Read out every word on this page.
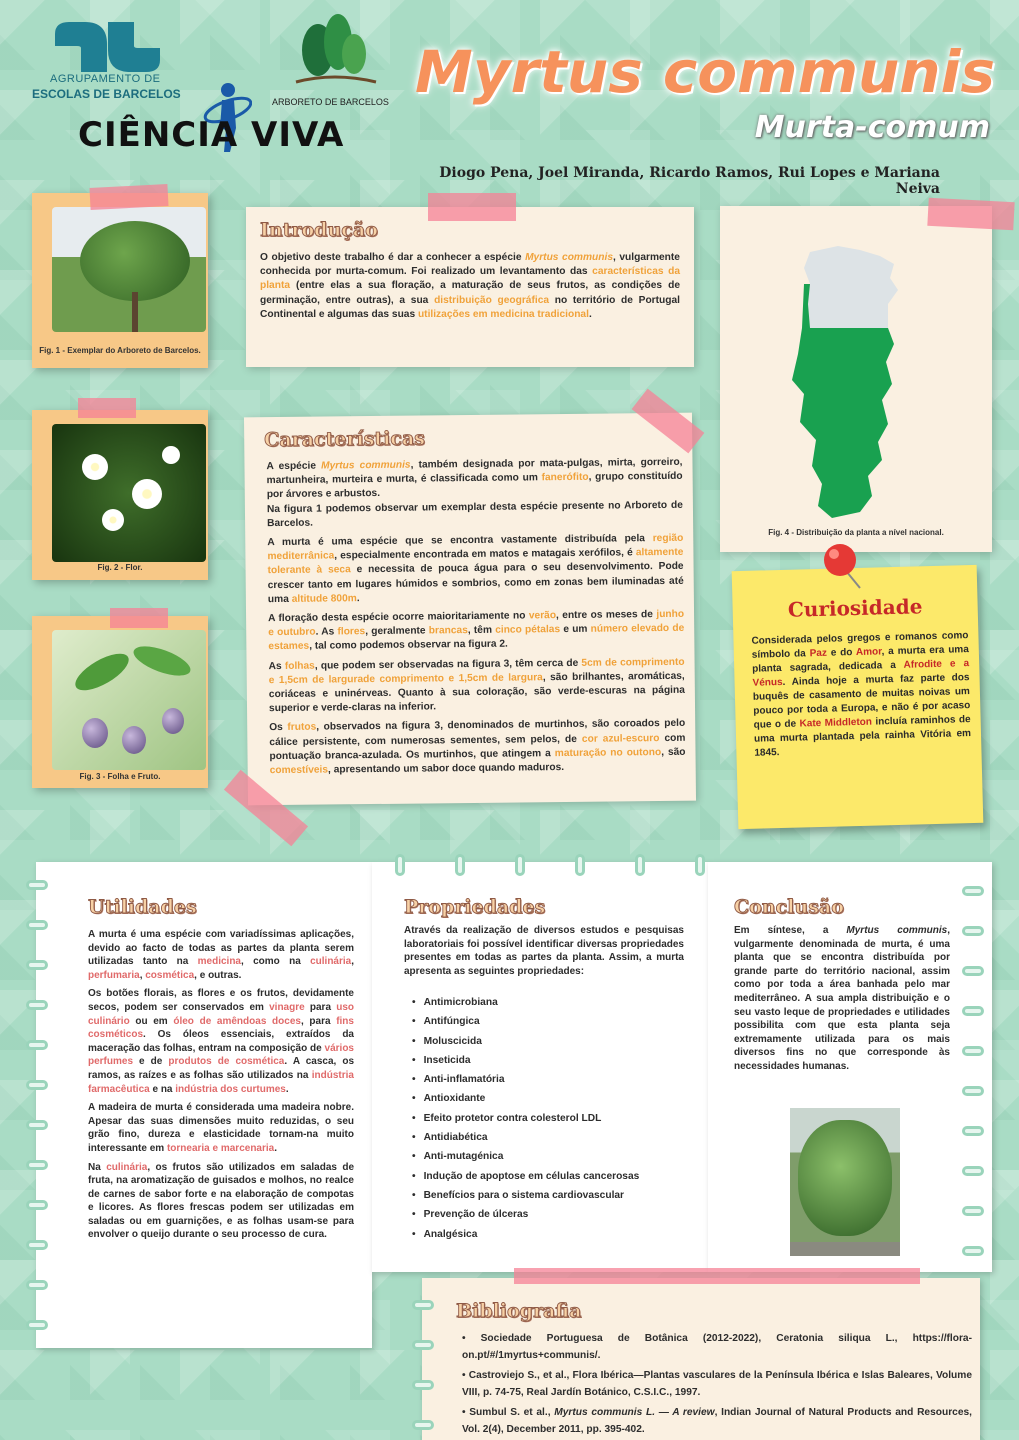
AGRUPAMENTO DE
ESCOLAS DE BARCELOS
CIÊNCIA VIVA
ARBORETO DE BARCELOS Myrtus communis
Murta-comum
Diogo Pena, Joel Miranda, Ricardo Ramos, Rui Lopes e Mariana Neiva
Fig. 1 - Exemplar do Arboreto de Barcelos.
Fig. 2 - Flor.
Fig. 3 - Folha e Fruto.
Introdução
O objetivo deste trabalho é dar a conhecer a espécie Myrtus communis, vulgarmente conhecida por murta-comum. Foi realizado um levantamento das características da planta (entre elas a sua floração, a maturação de seus frutos, as condições de germinação, entre outras), a sua distribuição geográfica no território de Portugal Continental e algumas das suas utilizações em medicina tradicional.
Características

A espécie Myrtus communis, também designada por mata-pulgas, mirta, gorreiro, martunheira, murteira e murta, é classificada como um fanerófito, grupo constituído por árvores e arbustos.
Na figura 1 podemos observar um exemplar desta espécie presente no Arboreto de Barcelos.

A murta é uma espécie que se encontra vastamente distribuída pela região mediterrânica, especialmente encontrada em matos e matagais xerófilos, é altamente tolerante à seca e necessita de pouca água para o seu desenvolvimento. Pode crescer tanto em lugares húmidos e sombrios, como em zonas bem iluminadas até uma altitude 800m.

A floração desta espécie ocorre maioritariamente no verão, entre os meses de junho e outubro. As flores, geralmente brancas, têm cinco pétalas e um número elevado de estames, tal como podemos observar na figura 2.

As folhas, que podem ser observadas na figura 3, têm cerca de 5cm de comprimento e 1,5cm de largurade comprimento e 1,5cm de largura, são brilhantes, aromáticas, coriáceas e uninérveas. Quanto à sua coloração, são verde-escuras na página superior e verde-claras na inferior.

Os frutos, observados na figura 3, denominados de murtinhos, são coroados pelo cálice persistente, com numerosas sementes, sem pelos, de cor azul-escuro com pontuação branca-azulada. Os murtinhos, que atingem a maturação no outono, são comestíveis, apresentando um sabor doce quando maduros.

Fig. 4 - Distribuição da planta a nível nacional.
Curiosidade
Considerada pelos gregos e romanos como símbolo da Paz e do Amor, a murta era uma planta sagrada, dedicada a Afrodite e a Vénus. Ainda hoje a murta faz parte dos buquês de casamento de muitas noivas um pouco por toda a Europa, e não é por acaso que o de Kate Middleton incluía raminhos de uma murta plantada pela rainha Vitória em 1845.
Utilidades

A murta é uma espécie com variadíssimas aplicações, devido ao facto de todas as partes da planta serem utilizadas tanto na medicina, como na culinária, perfumaria, cosmética, e outras.

Os botões florais, as flores e os frutos, devidamente secos, podem ser conservados em vinagre para uso culinário ou em óleo de amêndoas doces, para fins cosméticos. Os óleos essenciais, extraídos da maceração das folhas, entram na composição de vários perfumes e de produtos de cosmética. A casca, os ramos, as raízes e as folhas são utilizados na indústria farmacêutica e na indústria dos curtumes.

A madeira de murta é considerada uma madeira nobre. Apesar das suas dimensões muito reduzidas, o seu grão fino, dureza e elasticidade tornam-na muito interessante em tornearia e marcenaria.

Na culinária, os frutos são utilizados em saladas de fruta, na aromatização de guisados e molhos, no realce de carnes de sabor forte e na elaboração de compotas e licores. As flores frescas podem ser utilizadas em saladas ou em guarnições, e as folhas usam-se para envolver o queijo durante o seu processo de cura.

Propriedades
Através da realização de diversos estudos e pesquisas laboratoriais foi possível identificar diversas propriedades presentes em todas as partes da planta. Assim, a murta apresenta as seguintes propriedades:
• Antimicrobiana
• Antifúngica
• Moluscicida
• Inseticida
• Anti-inflamatória
• Antioxidante
• Efeito protetor contra colesterol LDL
• Antidiabética
• Anti-mutagénica
• Indução de apoptose em células cancerosas
• Benefícios para o sistema cardiovascular
• Prevenção de úlceras
• Analgésica
Conclusão
Em síntese, a Myrtus communis, vulgarmente denominada de murta, é uma planta que se encontra distribuída por grande parte do território nacional, assim como por toda a área banhada pelo mar mediterrâneo. A sua ampla distribuição e o seu vasto leque de propriedades e utilidades possibilita com que esta planta seja extremamente utilizada para os mais diversos fins no que corresponde às necessidades humanas.
Bibliografia
• Sociedade Portuguesa de Botânica (2012-2022), Ceratonia siliqua L., https://flora-on.pt/#/1myrtus+communis/.
• Castroviejo S., et al., Flora Ibérica—Plantas vasculares de la Península Ibérica e Islas Baleares, Volume VIII, p. 74-75, Real Jardín Botánico, C.S.I.C., 1997.
• Sumbul S. et al., Myrtus communis L. — A review, Indian Journal of Natural Products and Resources, Vol. 2(4), December 2011, pp. 395-402.
